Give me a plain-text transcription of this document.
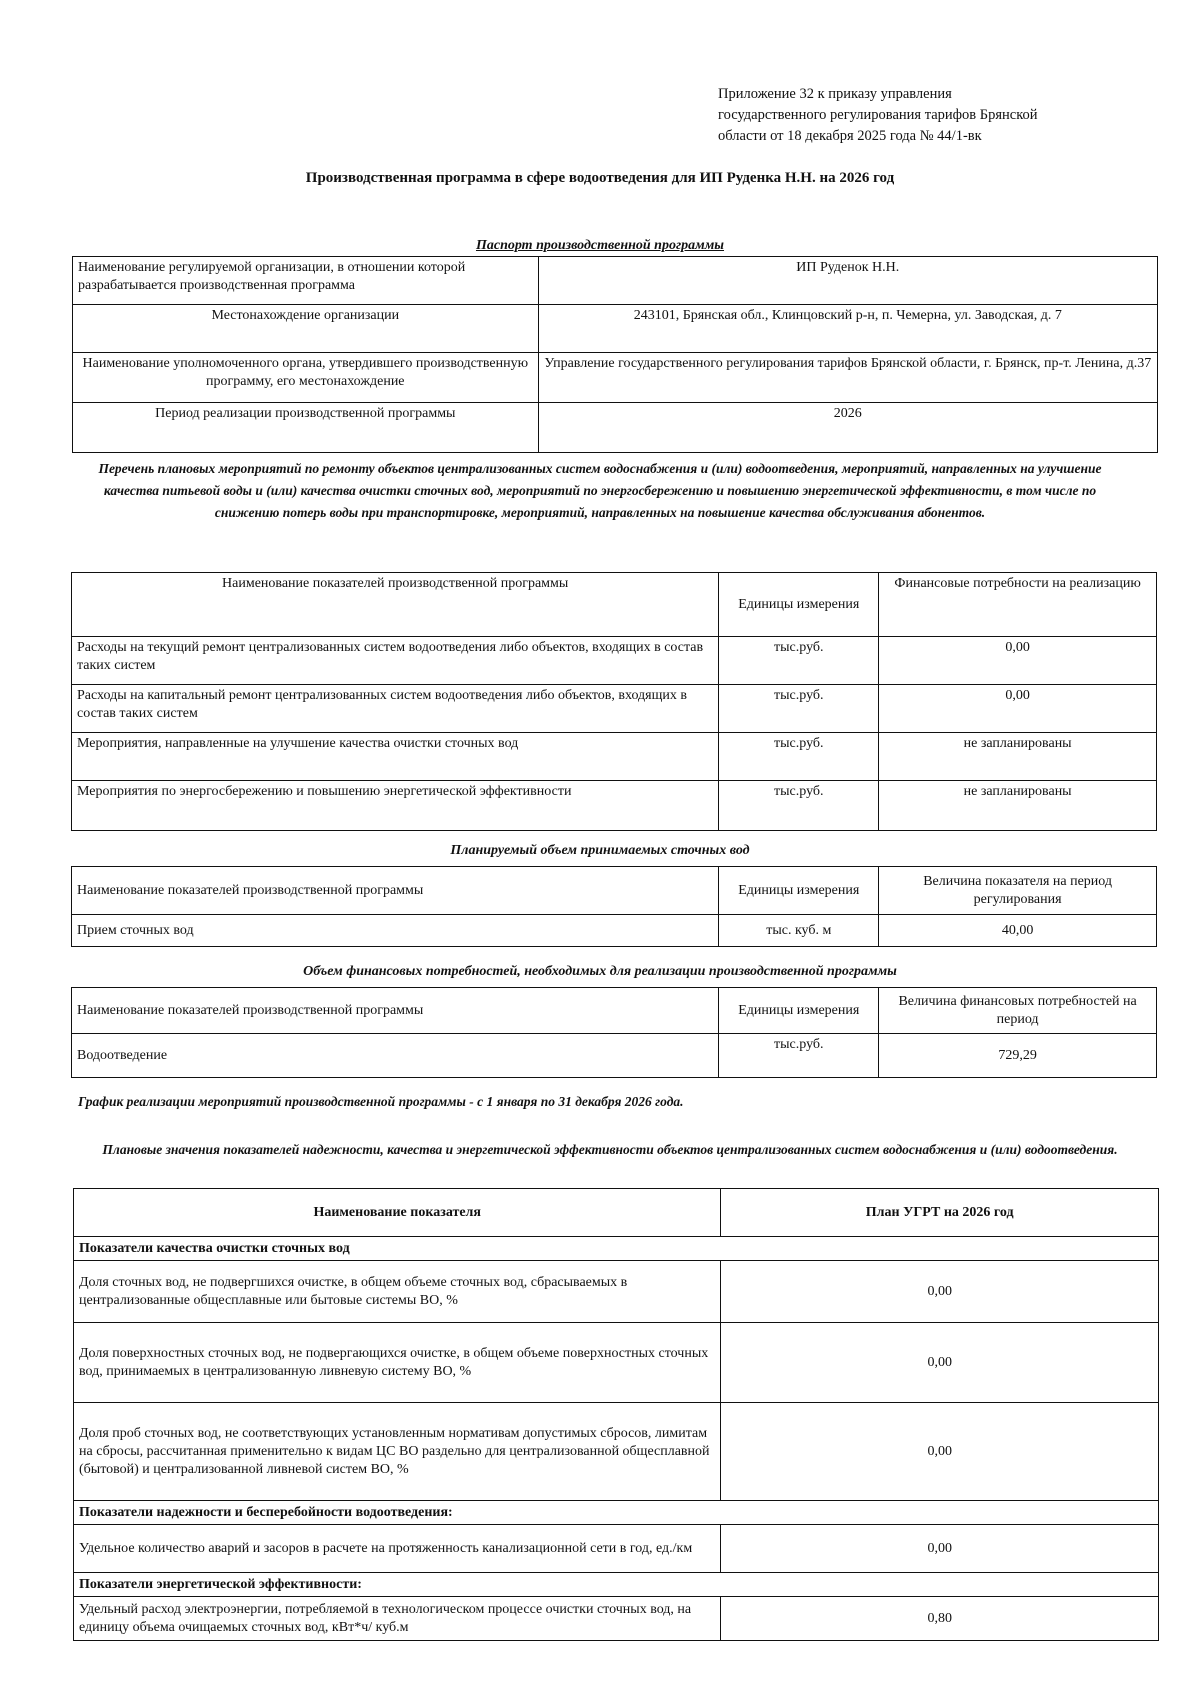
Приложение 32 к приказу управления
государственного регулирования тарифов Брянской
области от 18 декабря 2025 года № 44/1-вк
Производственная программа в сфере водоотведения для ИП Руденка Н.Н. на 2026 год
Паспорт производственной программы
Наименование регулируемой организации, в отношении которой разрабатывается производственная программа	ИП Руденок Н.Н.
Местонахождение организации	243101, Брянская обл., Клинцовский р-н, п. Чемерна, ул. Заводская, д. 7
Наименование уполномоченного органа, утвердившего производственную программу, его местонахождение	Управление государственного регулирования тарифов Брянской области, г. Брянск, пр-т. Ленина, д.37
Период реализации производственной программы	2026
Перечень плановых мероприятий по ремонту объектов централизованных систем водоснабжения и (или) водоотведения, мероприятий, направленных на улучшение качества питьевой воды и (или) качества очистки сточных вод, мероприятий по энергосбережению и повышению энергетической эффективности, в том числе по снижению потерь воды при транспортировке, мероприятий, направленных на повышение качества обслуживания абонентов.
Наименование показателей производственной программы	Единицы измерения	Финансовые потребности на реализацию
Расходы на текущий ремонт централизованных систем водоотведения либо объектов, входящих в состав таких систем	тыс.руб.	0,00
Расходы на капитальный ремонт централизованных систем водоотведения либо объектов, входящих в состав таких систем	тыс.руб.	0,00
Мероприятия, направленные на улучшение качества очистки сточных вод	тыс.руб.	не запланированы
Мероприятия по энергосбережению и повышению энергетической эффективности	тыс.руб.	не запланированы
Планируемый объем принимаемых сточных вод
Наименование показателей производственной программы	Единицы измерения	Величина показателя на период регулирования
Прием сточных вод	тыс. куб. м	40,00
Объем финансовых потребностей, необходимых для реализации производственной программы
Наименование показателей производственной программы	Единицы измерения	Величина финансовых потребностей на период
Водоотведение	тыс.руб.	729,29
График реализации мероприятий производственной программы - с 1 января по 31 декабря 2026 года.
Плановые значения показателей надежности, качества и энергетической эффективности объектов централизованных систем водоснабжения и (или) водоотведения.
Наименование показателя	План УГРТ на 2026 год
Показатели качества очистки сточных вод	
Доля сточных вод, не подвергшихся очистке, в общем объеме сточных вод, сбрасываемых в централизованные общесплавные или бытовые системы ВО, %	0,00
Доля поверхностных сточных вод, не подвергающихся очистке, в общем объеме поверхностных сточных вод, принимаемых в централизованную ливневую систему ВО, %	0,00
Доля проб сточных вод, не соответствующих установленным нормативам допустимых сбросов, лимитам на сбросы, рассчитанная применительно к видам ЦС ВО раздельно для централизованной общесплавной (бытовой) и централизованной ливневой систем ВО, %	0,00
Показатели надежности и бесперебойности водоотведения:	
Удельное количество аварий и засоров в расчете на протяженность канализационной сети в год, ед./км	0,00
Показатели энергетической эффективности:	
Удельный расход электроэнергии, потребляемой в технологическом процессе очистки сточных вод, на единицу объема очищаемых сточных вод, кВт*ч/ куб.м	0,80
